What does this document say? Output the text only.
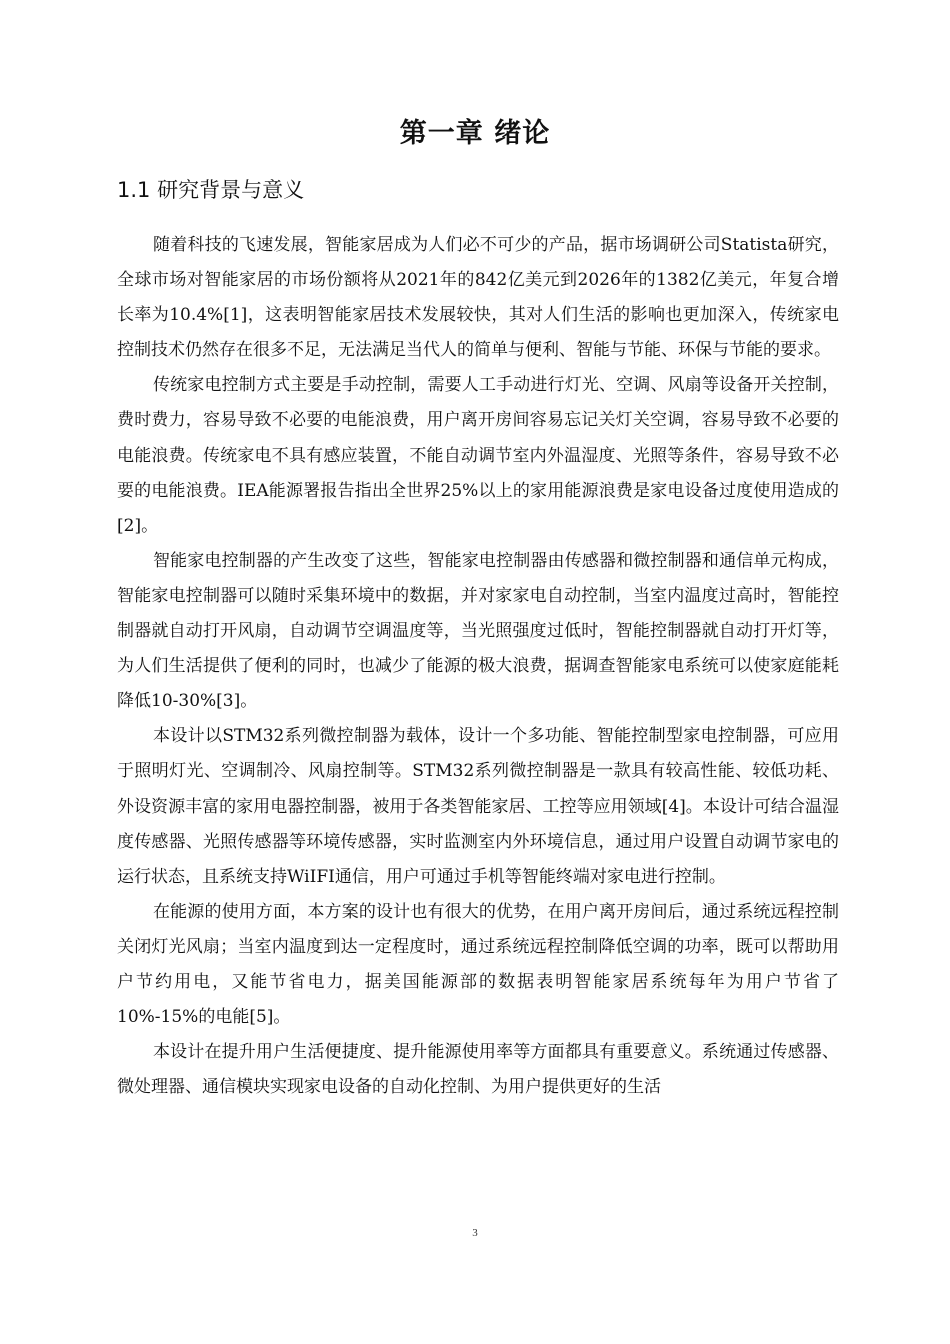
第一章 绪论
1.1 研究背景与意义

随着科技的飞速发展，智能家居成为人们必不可少的产品，据市场调研公司Statista研究，全球市场对智能家居的市场份额将从2021年的842亿美元到2026年的1382亿美元，年复合增长率为10.4%[1]，这表明智能家居技术发展较快，其对人们生活的影响也更加深入，传统家电控制技术仍然存在很多不足，无法满足当代人的简单与便利、智能与节能、环保与节能的要求。

传统家电控制方式主要是手动控制，需要人工手动进行灯光、空调、风扇等设备开关控制，费时费力，容易导致不必要的电能浪费，用户离开房间容易忘记关灯关空调，容易导致不必要的电能浪费。传统家电不具有感应装置，不能自动调节室内外温湿度、光照等条件，容易导致不必要的电能浪费。IEA能源署报告指出全世界25%以上的家用能源浪费是家电设备过度使用造成的[2]。

智能家电控制器的产生改变了这些，智能家电控制器由传感器和微控制器和通信单元构成，智能家电控制器可以随时采集环境中的数据，并对家家电自动控制，当室内温度过高时，智能控制器就自动打开风扇，自动调节空调温度等，当光照强度过低时，智能控制器就自动打开灯等，为人们生活提供了便利的同时，也减少了能源的极大浪费，据调查智能家电系统可以使家庭能耗降低10-30%[3]。

本设计以STM32系列微控制器为载体，设计一个多功能、智能控制型家电控制器，可应用于照明灯光、空调制冷、风扇控制等。STM32系列微控制器是一款具有较高性能、较低功耗、外设资源丰富的家用电器控制器，被用于各类智能家居、工控等应用领域[4]。本设计可结合温湿度传感器、光照传感器等环境传感器，实时监测室内外环境信息，通过用户设置自动调节家电的运行状态，且系统支持WiIFI通信，用户可通过手机等智能终端对家电进行控制。

在能源的使用方面，本方案的设计也有很大的优势，在用户离开房间后，通过系统远程控制关闭灯光风扇；当室内温度到达一定程度时，通过系统远程控制降低空调的功率，既可以帮助用户节约用电，又能节省电力，据美国能源部的数据表明智能家居系统每年为用户节省了10%-15%的电能[5]。

本设计在提升用户生活便捷度、提升能源使用率等方面都具有重要意义。系统通过传感器、微处理器、通信模块实现家电设备的自动化控制、为用户提供更好的生活

3
